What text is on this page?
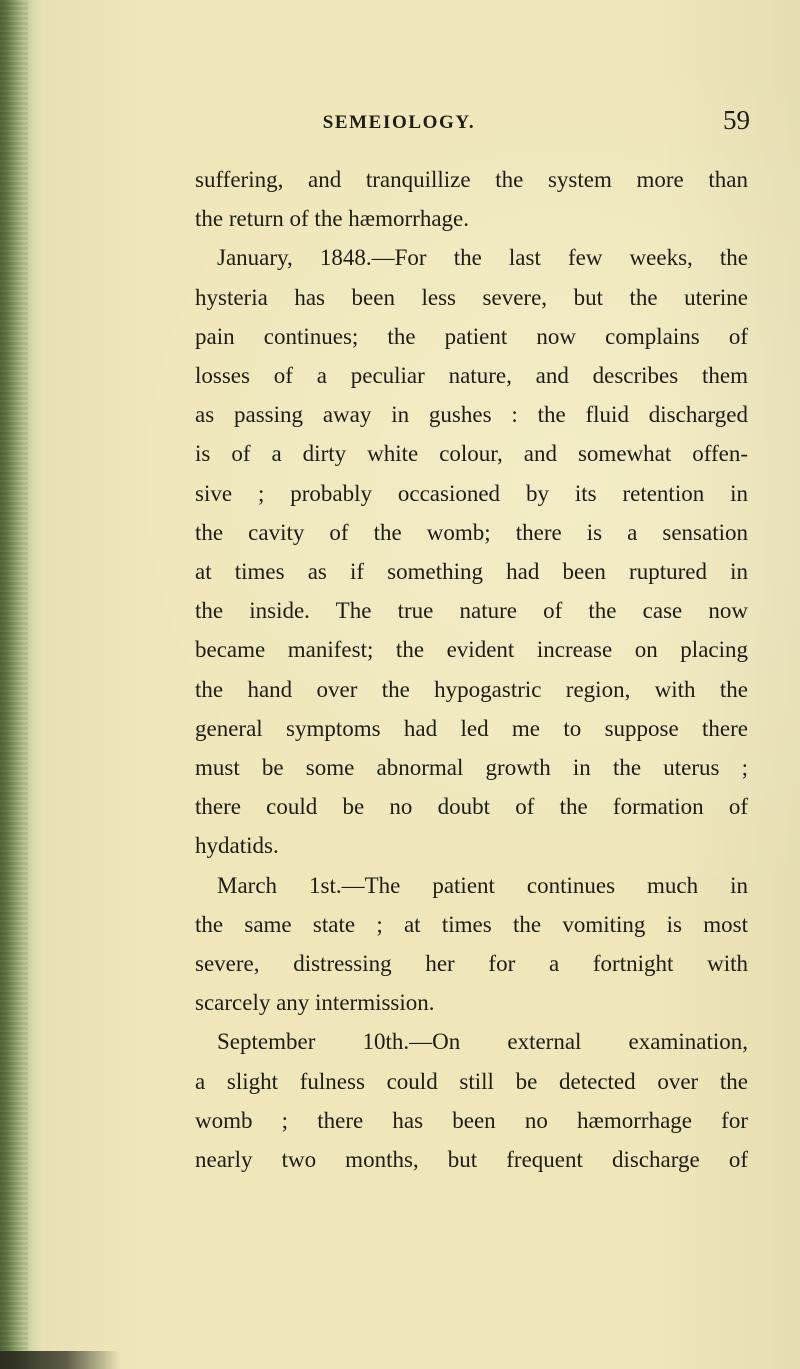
SEMEIOLOGY.	59
suffering, and tranquillize the system more than
the return of the hæmorrhage.
January, 1848.—For the last few weeks, the
hysteria has been less severe, but the uterine
pain continues; the patient now complains of
losses of a peculiar nature, and describes them
as passing away in gushes : the fluid discharged
is of a dirty white colour, and somewhat offen-
sive ; probably occasioned by its retention in
the cavity of the womb; there is a sensation
at times as if something had been ruptured in
the inside. The true nature of the case now
became manifest; the evident increase on placing
the hand over the hypogastric region, with the
general symptoms had led me to suppose there
must be some abnormal growth in the uterus ;
there could be no doubt of the formation of
hydatids.
March 1st.—The patient continues much in
the same state ; at times the vomiting is most
severe, distressing her for a fortnight with
scarcely any intermission.
September 10th.—On external examination,
a slight fulness could still be detected over the
womb ; there has been no hæmorrhage for
nearly two months, but frequent discharge of
